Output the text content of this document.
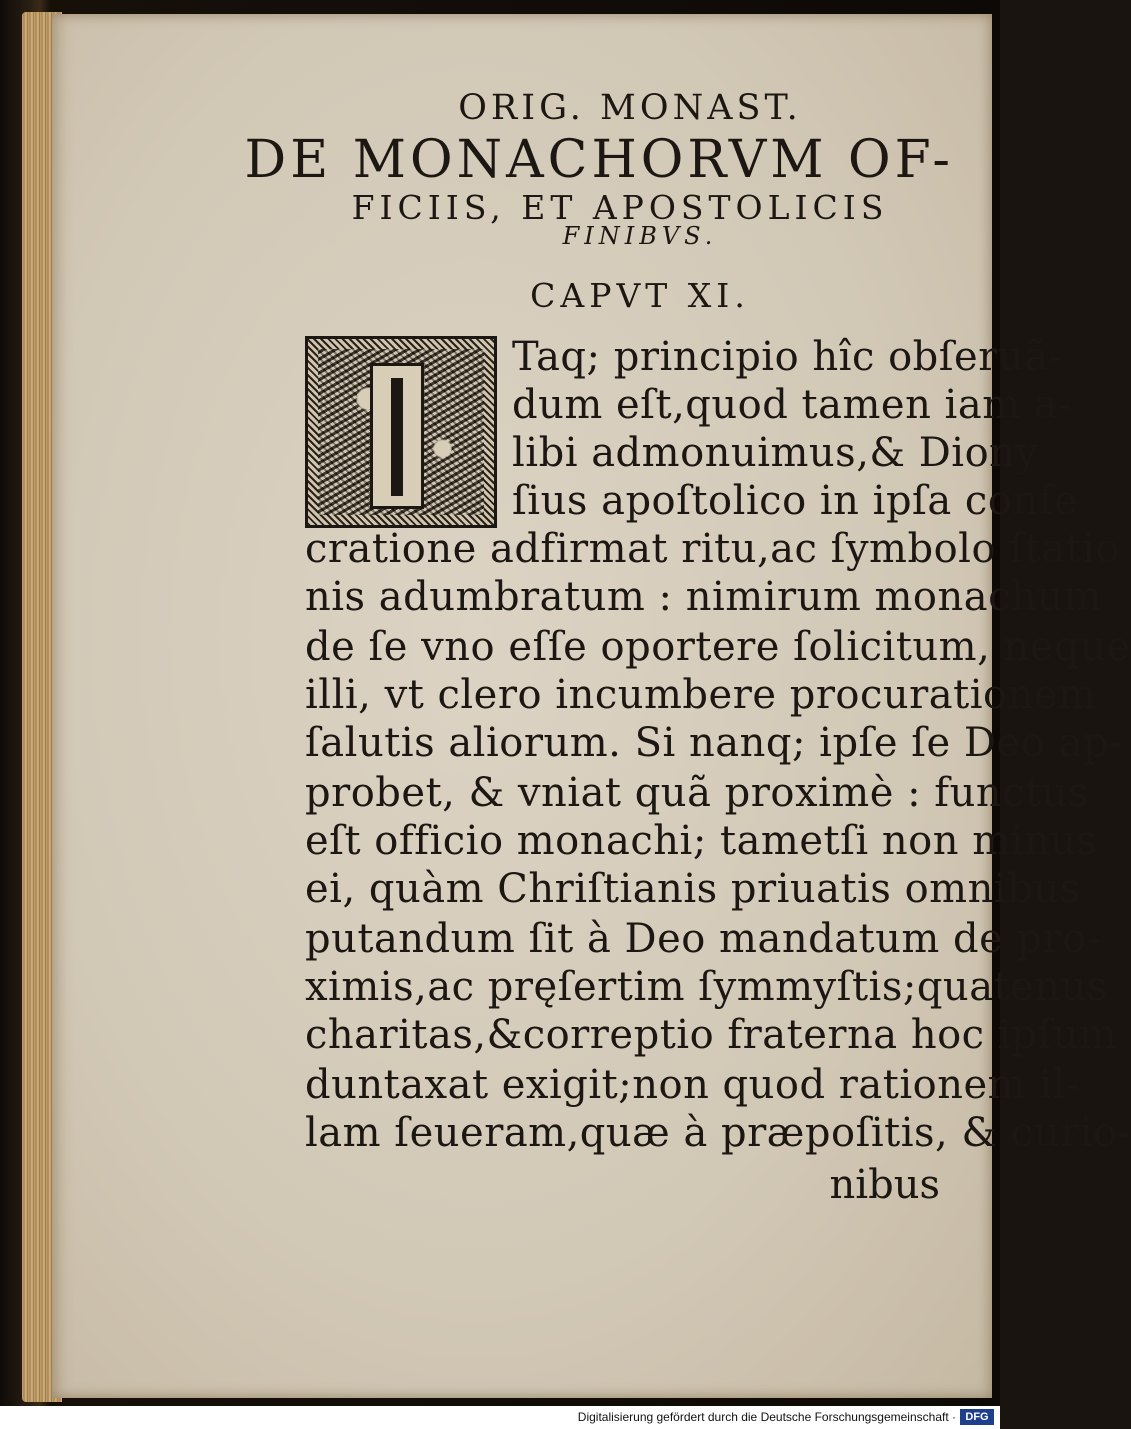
ORIG. MONAST.
DE MONACHORVM OF-
FICIIS, ET APOSTOLICIS
FINIBVS.
CAPVT XI.
Taq; principio hîc obſeruã-
dum eſt,quod tamen iam a-
libi admonuimus,& Diony
ſius apoſtolico in ipſa conſe
cratione adfirmat ritu,ac ſymbolo ſtatio
nis adumbratum : nimirum monachum
de ſe vno eſſe oportere ſolicitum, neque
illi, vt clero incumbere procurationem
ſalutis aliorum. Si nanq; ipſe ſe Deo ap-
probet, & vniat quã proximè : functus
eſt officio monachi; tametſi non minus
ei, quàm Chriſtianis priuatis omnibus
putandum ſit à Deo mandatum de pro-
ximis,ac pręſertim ſymmyſtis;quatenus
charitas,&correptio fraterna hoc ipſum
duntaxat exigit;non quod rationem il-
lam ſeueram,quæ à præpoſitis, & curio-
nibus
Digitalisierung gefördert durch die Deutsche Forschungsgemeinschaft · DFG
